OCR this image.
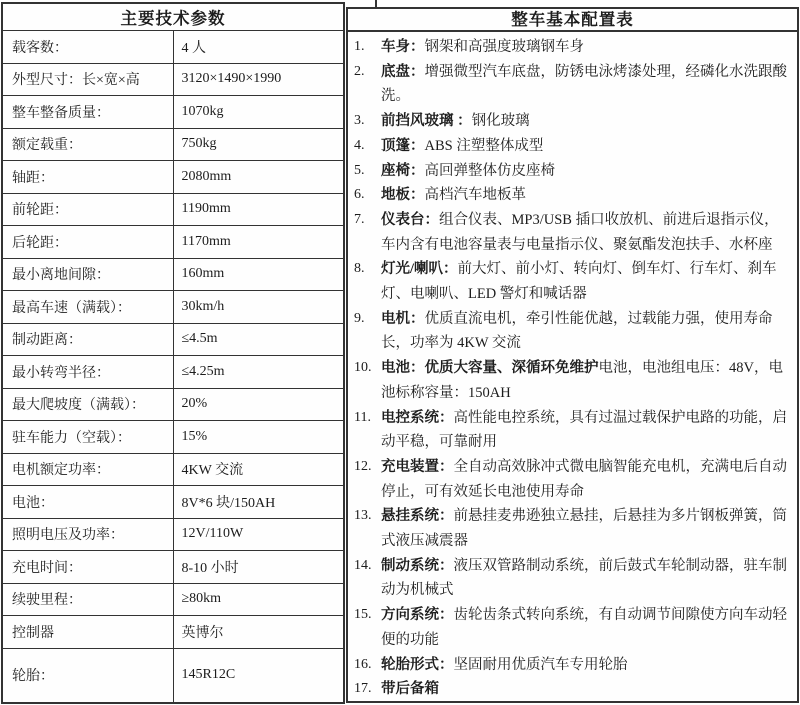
主要技术参数	
载客数：	4 人
外型尺寸：长×宽×高	3120×1490×1990
整车整备质量：	1070kg
额定载重：	750kg
轴距：	2080mm
前轮距：	1190mm
后轮距：	1170mm
最小离地间隙：	160mm
最高车速（满载）：	30km/h
制动距离：	≤4.5m
最小转弯半径：	≤4.25m
最大爬坡度（满载）：	20%
驻车能力（空载）：	15%
电机额定功率：	4KW 交流
电池：	8V*6 块/150AH
照明电压及功率：	12V/110W
充电时间：	8-10 小时
续驶里程：	≥80km
控制器	英博尔
轮胎：	145R12C
整车基本配置表
1. 车身：钢架和高强度玻璃钢车身
2. 底盘：增强微型汽车底盘，防锈电泳烤漆处理，经磷化水洗跟酸洗。
3. 前挡风玻璃 ：钢化玻璃
4. 顶篷：ABS 注塑整体成型
5. 座椅：高回弹整体仿皮座椅
6. 地板：高档汽车地板革
7. 仪表台：组合仪表、MP3/USB 插口收放机、前进后退指示仪，车内含有电池容量表与电量指示仪、聚氨酯发泡扶手、水杯座
8. 灯光/喇叭：前大灯、前小灯、转向灯、倒车灯、行车灯、刹车灯、电喇叭、LED 警灯和喊话器
9. 电机：优质直流电机，牵引性能优越，过载能力强，使用寿命长，功率为 4KW 交流
10. 电池：优质大容量、深循环免维护电池，电池组电压：48V，电池标称容量：150AH
11. 电控系统：高性能电控系统，具有过温过载保护电路的功能，启动平稳，可靠耐用
12. 充电装置：全自动高效脉冲式微电脑智能充电机，充满电后自动停止，可有效延长电池使用寿命
13. 悬挂系统：前悬挂麦弗逊独立悬挂，后悬挂为多片钢板弹簧，筒式液压减震器
14. 制动系统：液压双管路制动系统，前后鼓式车轮制动器，驻车制动为机械式
15. 方向系统：齿轮齿条式转向系统，有自动调节间隙使方向车动轻便的功能
16. 轮胎形式：坚固耐用优质汽车专用轮胎
17. 带后备箱
